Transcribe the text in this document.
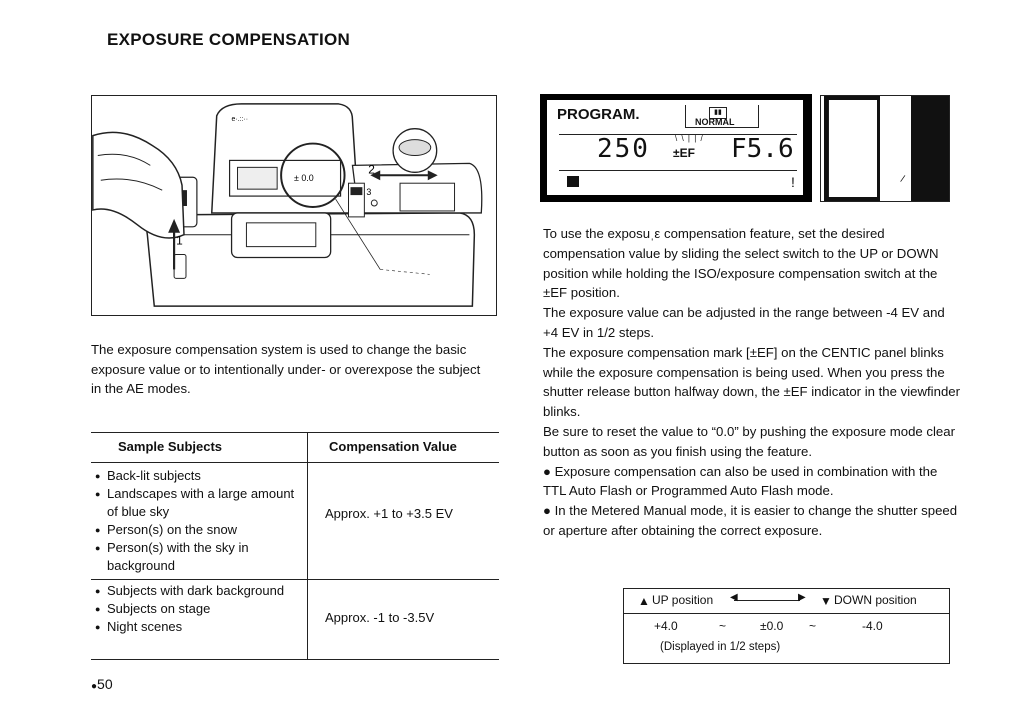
EXPOSURE COMPENSATION
e·.::··
± 0.0
1
2
3

The exposure compensation system is used to change the basic exposure value or to intentionally under- or overexpose the subject in the AE modes.

Sample Subjects	Compensation Value
● Back-lit subjects
● Landscapes with a large amount of blue sky
● Person(s) on the snow
● Person(s) with the sky in background
Approx. +1 to +3.5 EV
● Subjects with dark background
● Subjects on stage
● Night scenes
Approx. -1 to -3.5V
PROGRAM.	▮▮
NORMAL
250	\ \ | | /
±EF F5.6
!	/

To use the exposuˌε compensation feature, set the desired compensation value by sliding the select switch to the UP or DOWN position while holding the ISO/exposure compensation switch at the ±EF position.

The exposure value can be adjusted in the range between -4 EV and +4 EV in 1/2 steps.

The exposure compensation mark [±EF] on the CENTIC panel blinks while the exposure compensation is being used. When you press the shutter release button halfway down, the ±EF indicator in the viewfinder blinks.

Be sure to reset the value to “0.0” by pushing the exposure mode clear button as soon as you finish using the feature.

● Exposure compensation can also be used in combination with the TTL Auto Flash or Programmed Auto Flash mode.

● In the Metered Manual mode, it is easier to change the shutter speed or aperture after obtaining the correct exposure.

▲ UP position ◀	▶ ▼ DOWN position
+4.0	~	±0.0 ~	-4.0
(Displayed in 1/2 steps)
●50
